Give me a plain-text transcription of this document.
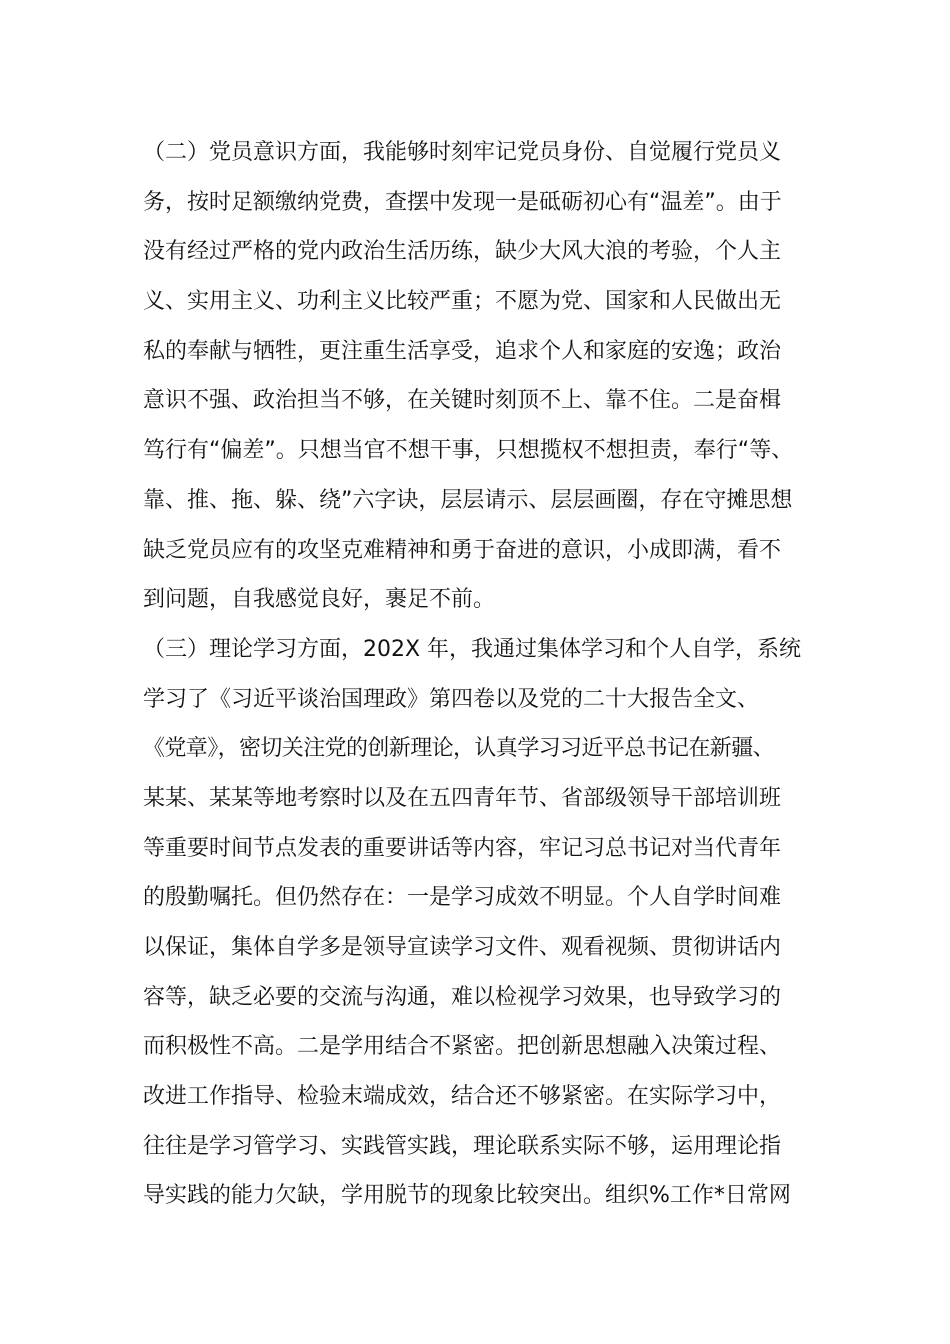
（二）党员意识方面，我能够时刻牢记党员身份、自觉履行党员义
务，按时足额缴纳党费，查摆中发现一是砥砺初心有“温差”。由于
没有经过严格的党内政治生活历练，缺少大风大浪的考验，个人主
义、实用主义、功利主义比较严重；不愿为党、国家和人民做出无
私的奉献与牺牲，更注重生活享受，追求个人和家庭的安逸；政治
意识不强、政治担当不够，在关键时刻顶不上、靠不住。二是奋楫
笃行有“偏差”。只想当官不想干事，只想揽权不想担责，奉行“等、
靠、推、拖、躲、绕”六字诀，层层请示、层层画圈，存在守摊思想
缺乏党员应有的攻坚克难精神和勇于奋进的意识，小成即满，看不
到问题，自我感觉良好，裹足不前。
（三）理论学习方面，202X 年，我通过集体学习和个人自学，系统
学习了《习近平谈治国理政》第四卷以及党的二十大报告全文、
《党章》，密切关注党的创新理论，认真学习习近平总书记在新疆、
某某、某某等地考察时以及在五四青年节、省部级领导干部培训班
等重要时间节点发表的重要讲话等内容，牢记习总书记对当代青年
的殷勤嘱托。但仍然存在：一是学习成效不明显。个人自学时间难
以保证，集体自学多是领导宣读学习文件、观看视频、贯彻讲话内
容等，缺乏必要的交流与沟通，难以检视学习效果，也导致学习的
而积极性不高。二是学用结合不紧密。把创新思想融入决策过程、
改进工作指导、检验末端成效，结合还不够紧密。在实际学习中，
往往是学习管学习、实践管实践，理论联系实际不够，运用理论指
导实践的能力欠缺，学用脱节的现象比较突出。组织%工作*日常网
